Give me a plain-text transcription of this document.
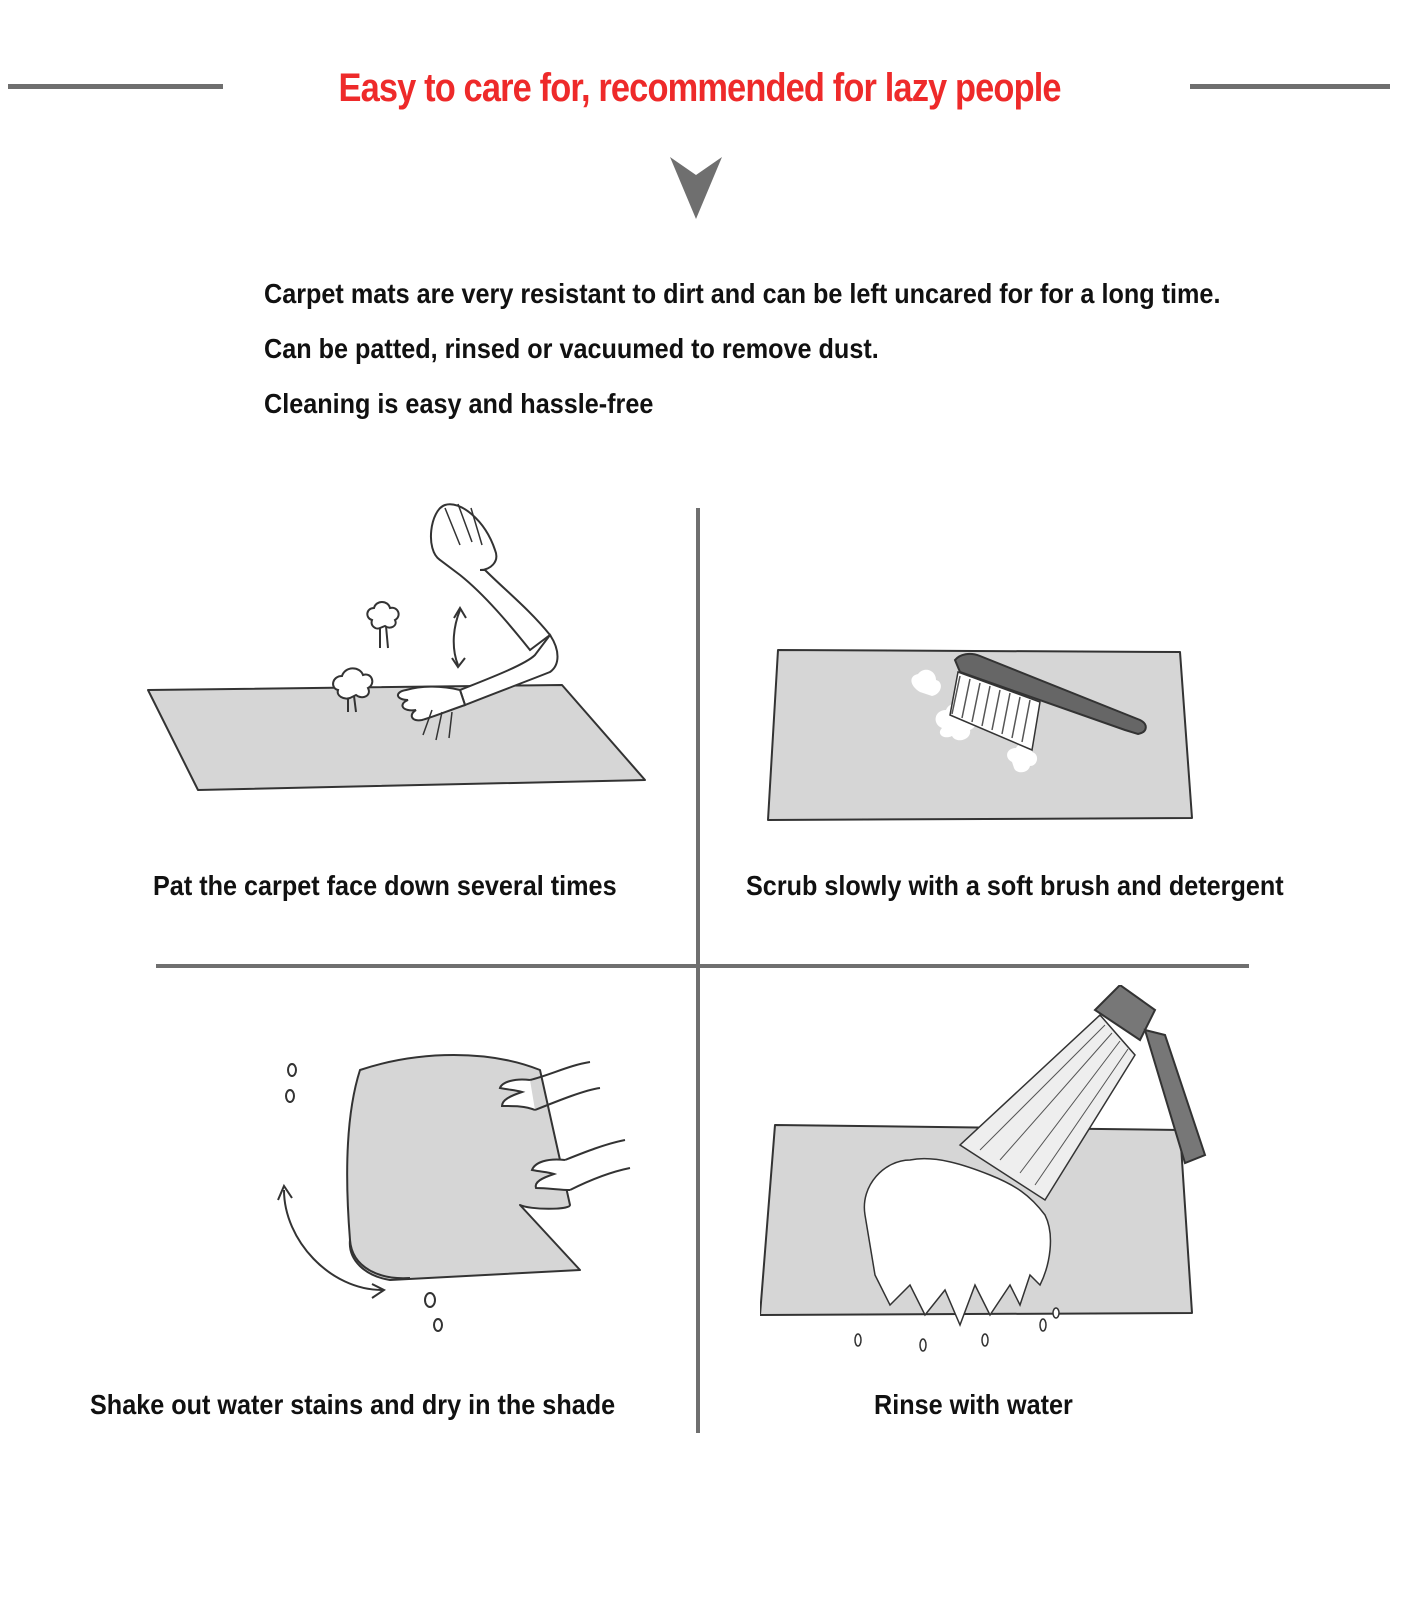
Easy to care for, recommended for lazy people
Carpet mats are very resistant to dirt and can be left uncared for for a long time.
Can be patted, rinsed or vacuumed to remove dust.
Cleaning is easy and hassle-free
Pat the carpet face down several times	Scrub slowly with a soft brush and detergent
Shake out water stains and dry in the shade	Rinse with water
